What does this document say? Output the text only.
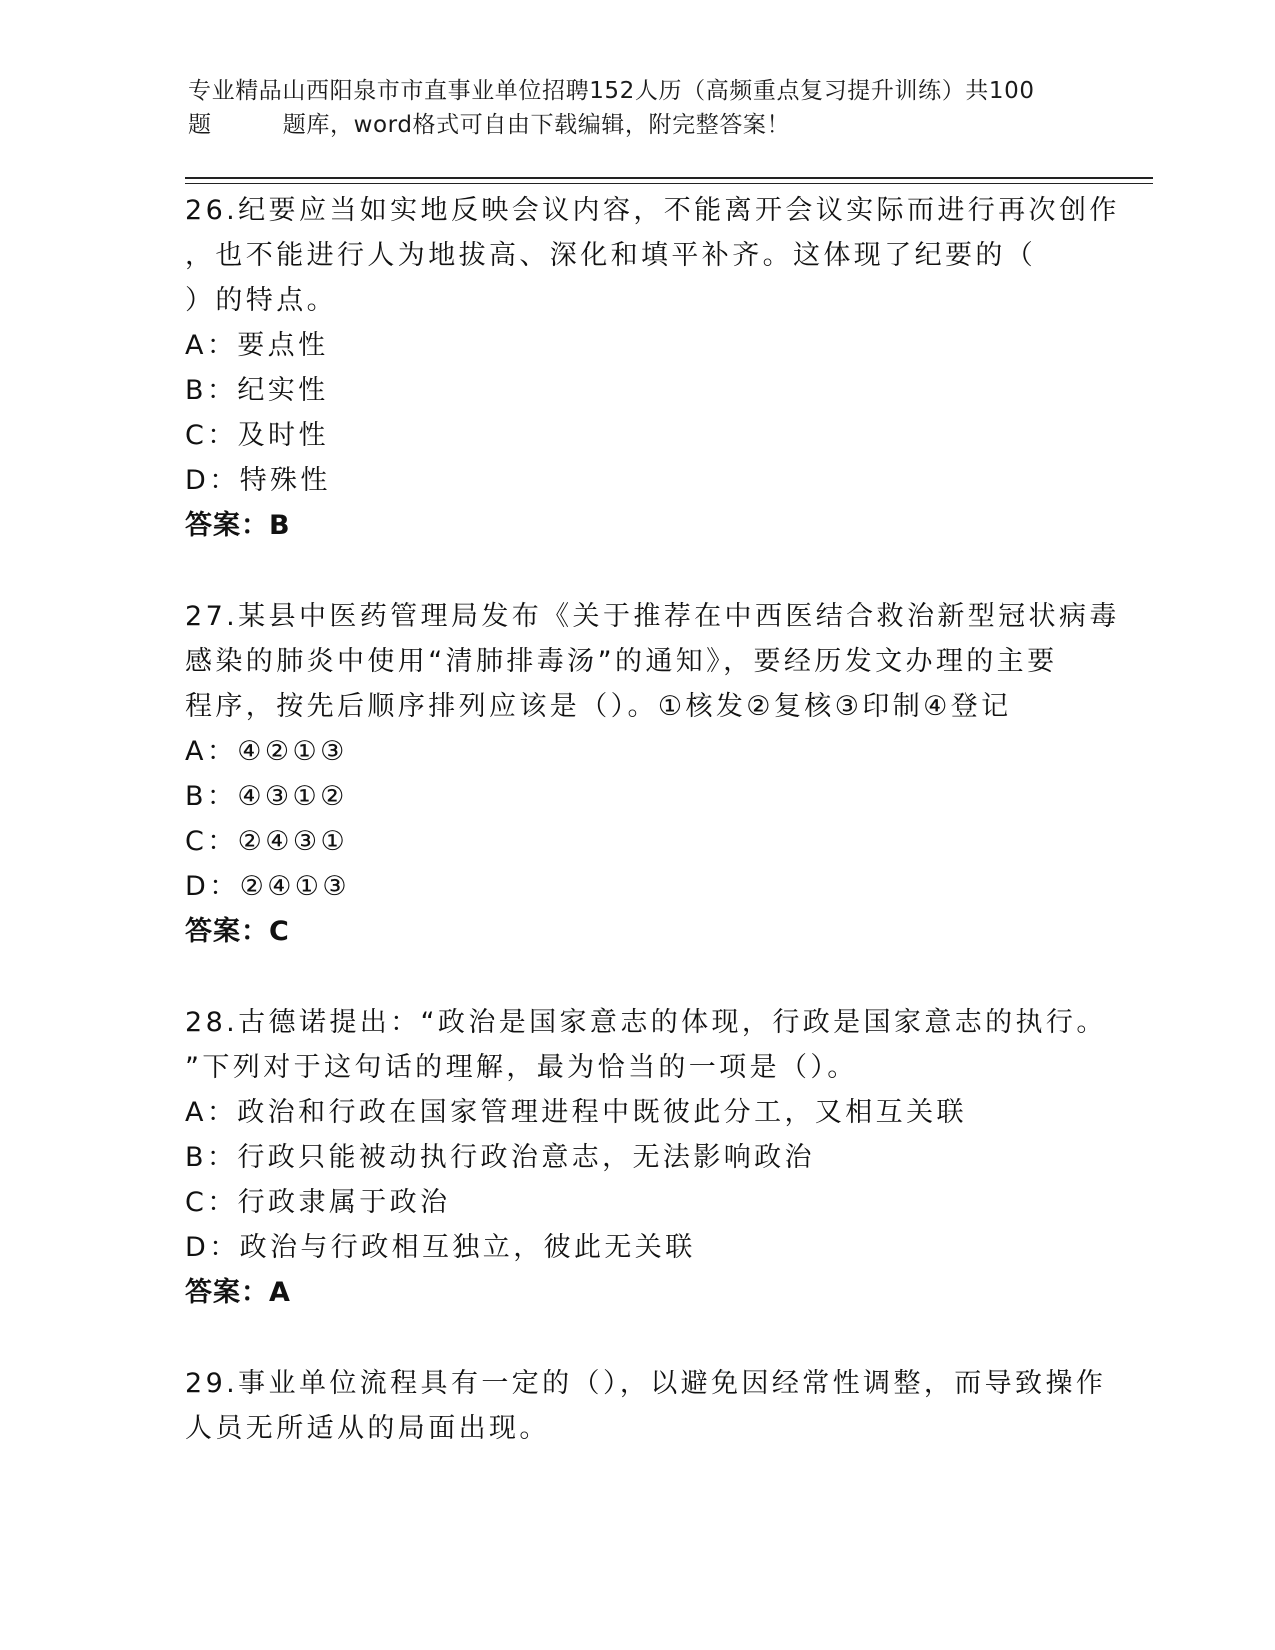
专业精品山西阳泉市市直事业单位招聘152人历（高频重点复习提升训练）共100
题         题库，word格式可自由下载编辑，附完整答案！
26.纪要应当如实地反映会议内容，不能离开会议实际而进行再次创作
，也不能进行人为地拔高、深化和填平补齐。这体现了纪要的（
）的特点。
A：要点性
B：纪实性
C：及时性
D：特殊性
答案：B
27.某县中医药管理局发布《关于推荐在中西医结合救治新型冠状病毒
感染的肺炎中使用“清肺排毒汤”的通知》，要经历发文办理的主要
程序，按先后顺序排列应该是（）。①核发②复核③印制④登记
A：④②①③
B：④③①②
C：②④③①
D：②④①③
答案：C
28.古德诺提出：“政治是国家意志的体现，行政是国家意志的执行。
”下列对于这句话的理解，最为恰当的一项是（）。
A：政治和行政在国家管理进程中既彼此分工，又相互关联
B：行政只能被动执行政治意志，无法影响政治
C：行政隶属于政治
D：政治与行政相互独立，彼此无关联
答案：A
29.事业单位流程具有一定的（），以避免因经常性调整，而导致操作
人员无所适从的局面出现。
